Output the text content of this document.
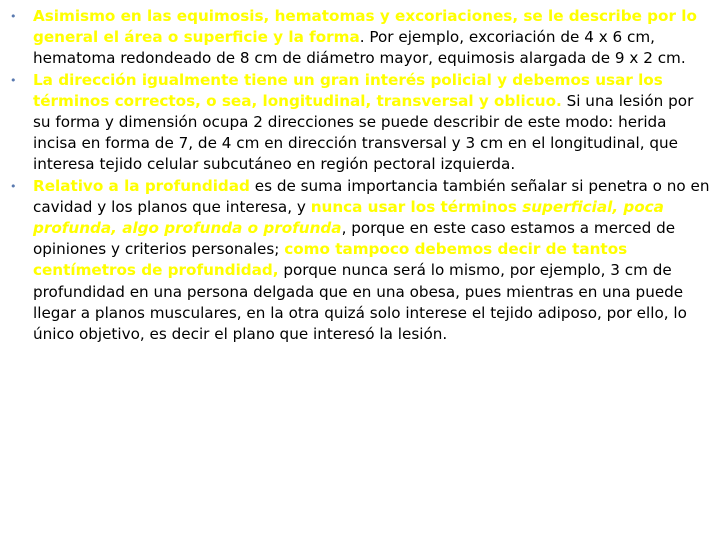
• Asimismo en las equimosis, hematomas y excoriaciones, se le describe por lo general el área o superficie y la forma. Por ejemplo, excoriación de 4 x 6 cm, hematoma redondeado de 8 cm de diámetro mayor, equimosis alargada de 9 x 2 cm.
• La dirección igualmente tiene un gran interés policial y debemos usar los términos correctos, o sea, longitudinal, transversal y oblicuo. Si una lesión por su forma y dimensión ocupa 2 direcciones se puede describir de este modo: herida incisa en forma de 7, de 4 cm en dirección transversal y 3 cm en el longitudinal, que interesa tejido celular subcutáneo en región pectoral izquierda.
• Relativo a la profundidad es de suma importancia también señalar si penetra o no en cavidad y los planos que interesa, y nunca usar los términos superficial, poca profunda, algo profunda o profunda, porque en este caso estamos a merced de opiniones y criterios personales; como tampoco debemos decir de tantos centímetros de profundidad, porque nunca será lo mismo, por ejemplo, 3 cm de profundidad en una persona delgada que en una obesa, pues mientras en una puede llegar a planos musculares, en la otra quizá solo interese el tejido adiposo, por ello, lo único objetivo, es decir el plano que interesó la lesión.
